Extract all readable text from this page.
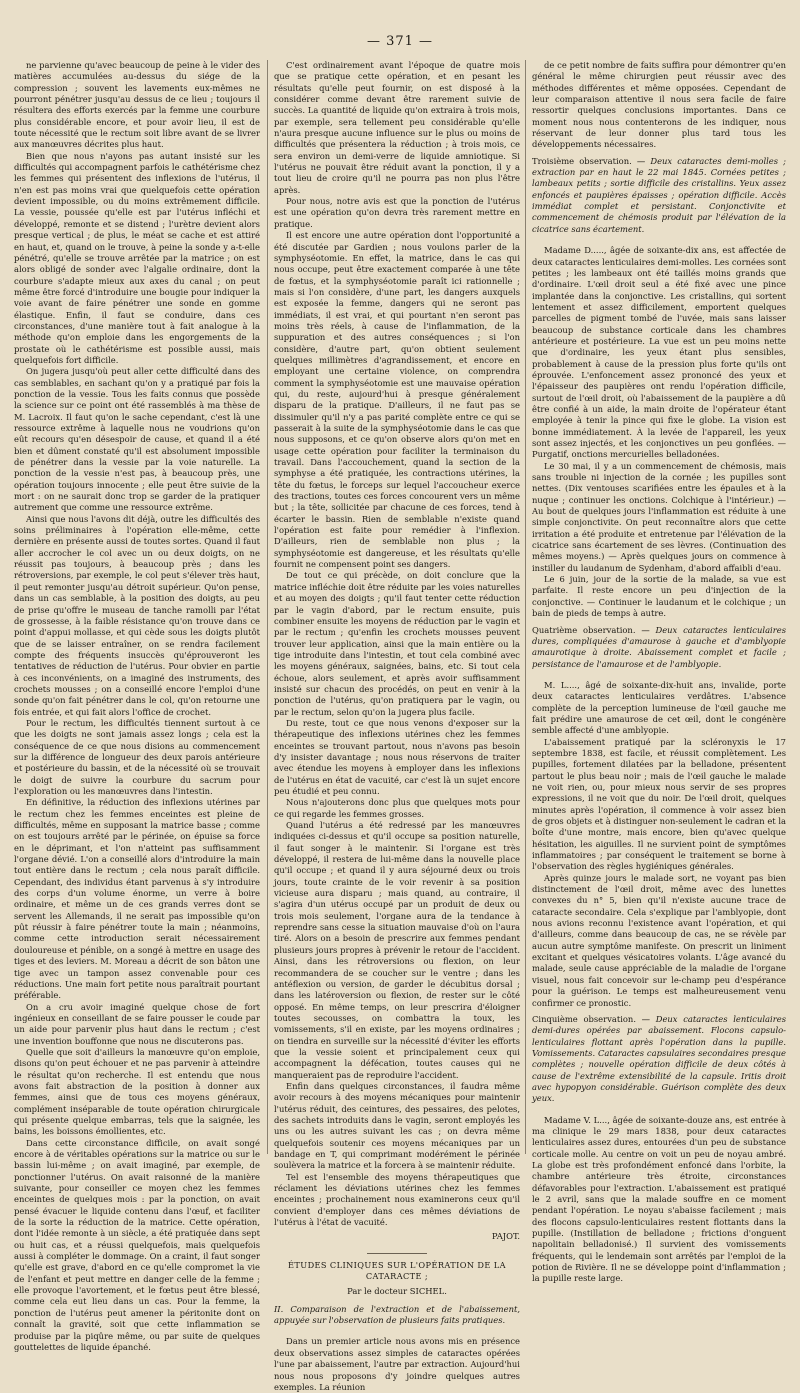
— 371 —

ne parvienne qu'avec beaucoup de peine à le vider des matières accumulées au-dessus du siége de la compression ; souvent les lavements eux-mêmes ne pourront pénétrer jusqu'au dessus de ce lieu ; toujours il résultera des efforts exercés par la femme une courbure plus considérable encore, et pour avoir lieu, il est de toute nécessité que le rectum soit libre avant de se livrer aux manœuvres décrites plus haut.

Bien que nous n'ayons pas autant insisté sur les difficultés qui accompagnent parfois le cathétérisme chez les femmes qui présentent des inflexions de l'utérus, il n'en est pas moins vrai que quelquefois cette opération devient impossible, ou du moins extrêmement difficile. La vessie, poussée qu'elle est par l'utérus infléchi et développé, remonte et se distend ; l'urètre devient alors presque vertical ; de plus, le méat se cache et est attiré en haut, et, quand on le trouve, à peine la sonde y a-t-elle pénétré, qu'elle se trouve arrêtée par la matrice ; on est alors obligé de sonder avec l'algalie ordinaire, dont la courbure s'adapte mieux aux axes du canal ; on peut même être forcé d'introduire une bougie pour indiquer la voie avant de faire pénétrer une sonde en gomme élastique. Enfin, il faut se conduire, dans ces circonstances, d'une manière tout à fait analogue à la méthode qu'on emploie dans les engorgements de la prostate où le cathétérisme est possible aussi, mais quelquefois fort difficile.

On jugera jusqu'où peut aller cette difficulté dans des cas semblables, en sachant qu'on y a pratiqué par fois la ponction de la vessie. Tous les faits connus que possède la science sur ce point ont été rassemblés à ma thèse de M. Lacroix. Il faut qu'on le sache cependant, c'est là une ressource extrême à laquelle nous ne voudrions qu'on eût recours qu'en désespoir de cause, et quand il a été bien et dûment constaté qu'il est absolument impossible de pénétrer dans la vessie par la voie naturelle. La ponction de la vessie n'est pas, à beaucoup près, une opération toujours innocente ; elle peut être suivie de la mort : on ne saurait donc trop se garder de la pratiquer autrement que comme une ressource extrême.

Ainsi que nous l'avons dit déjà, outre les difficultés des soins préliminaires à l'opération elle-même, cette dernière en présente aussi de toutes sortes. Quand il faut aller accrocher le col avec un ou deux doigts, on ne réussit pas toujours, à beaucoup près ; dans les rétroversions, par exemple, le col peut s'élever très haut, il peut remonter jusqu'au détroit supérieur. Qu'on pense, dans un cas semblable, à la position des doigts, au peu de prise qu'offre le museau de tanche ramolli par l'état de grossesse, à la faible résistance qu'on trouve dans ce point d'appui mollasse, et qui cède sous les doigts plutôt que de se laisser entraîner, on se rendra facilement compte des fréquents insuccès qu'éprouveront les tentatives de réduction de l'utérus. Pour obvier en partie à ces inconvénients, on a imaginé des instruments, des crochets mousses ; on a conseillé encore l'emploi d'une sonde qu'on fait pénétrer dans le col, qu'on retourne une fois entrée, et qui fait alors l'office de crochet.

Pour le rectum, les difficultés tiennent surtout à ce que les doigts ne sont jamais assez longs ; cela est la conséquence de ce que nous disions au commencement sur la différence de longueur des deux parois antérieure et postérieure du bassin, et de la nécessité où se trouvait le doigt de suivre la courbure du sacrum pour l'exploration ou les manœuvres dans l'intestin.

En définitive, la réduction des inflexions utérines par le rectum chez les femmes enceintes est pleine de difficultés, même en supposant la matrice basse ; comme on est toujours arrêté par le périnée, on épuise sa force en le déprimant, et l'on n'atteint pas suffisamment l'organe dévié. L'on a conseillé alors d'introduire la main tout entière dans le rectum ; cela nous paraît difficile. Cependant, des individus étant parvenus à s'y introduire des corps d'un volume énorme, un verre à boire ordinaire, et même un de ces grands verres dont se servent les Allemands, il ne serait pas impossible qu'on pût réussir à faire pénétrer toute la main ; néanmoins, comme cette introduction serait nécessairement douloureuse et pénible, on a songé à mettre en usage des tiges et des leviers. M. Moreau a décrit de son bâton une tige avec un tampon assez convenable pour ces réductions. Une main fort petite nous paraîtrait pourtant préférable.

On a cru avoir imaginé quelque chose de fort ingénieux en conseillant de se faire pousser le coude par un aide pour parvenir plus haut dans le rectum ; c'est une invention bouffonne que nous ne discuterons pas.

Quelle que soit d'ailleurs la manœuvre qu'on emploie, disons qu'on peut échouer et ne pas parvenir à atteindre le résultat qu'on recherche. Il est entendu que nous avons fait abstraction de la position à donner aux femmes, ainsi que de tous ces moyens généraux, complément inséparable de toute opération chirurgicale qui présente quelque embarras, tels que la saignée, les bains, les boissons émollientes, etc.

Dans cette circonstance difficile, on avait songé encore à de véritables opérations sur la matrice ou sur le bassin lui-même ; on avait imaginé, par exemple, de ponctionner l'utérus. On avait raisonné de la manière suivante, pour conseiller ce moyen chez les femmes enceintes de quelques mois : par la ponction, on avait pensé évacuer le liquide contenu dans l'œuf, et faciliter de la sorte la réduction de la matrice. Cette opération, dont l'idée remonte à un siècle, a été pratiquée dans sept ou huit cas, et a réussi quelquefois, mais quelquefois aussi à compléter le dommage. On a craint, il faut songer qu'elle est grave, d'abord en ce qu'elle compromet la vie de l'enfant et peut mettre en danger celle de la femme ; elle provoque l'avortement, et le fœtus peut être blessé, comme cela eut lieu dans un cas. Pour la femme, la ponction de l'utérus peut amener la péritonite dont on connaît la gravité, soit que cette inflammation se produise par la piqûre même, ou par suite de quelques gouttelettes de liquide épanché.

C'est ordinairement avant l'époque de quatre mois que se pratique cette opération, et en pesant les résultats qu'elle peut fournir, on est disposé à la considérer comme devant être rarement suivie de succès. La quantité de liquide qu'on extraira à trois mois, par exemple, sera tellement peu considérable qu'elle n'aura presque aucune influence sur le plus ou moins de difficultés que présentera la réduction ; à trois mois, ce sera environ un demi-verre de liquide amniotique. Si l'utérus ne pouvait être réduit avant la ponction, il y a tout lieu de croire qu'il ne pourra pas non plus l'être après.

Pour nous, notre avis est que la ponction de l'utérus est une opération qu'on devra très rarement mettre en pratique.

Il est encore une autre opération dont l'opportunité a été discutée par Gardien ; nous voulons parler de la symphyséotomie. En effet, la matrice, dans le cas qui nous occupe, peut être exactement comparée à une tête de fœtus, et la symphyséotomie paraît ici rationnelle ; mais si l'on considère, d'une part, les dangers auxquels est exposée la femme, dangers qui ne seront pas immédiats, il est vrai, et qui pourtant n'en seront pas moins très réels, à cause de l'inflammation, de la suppuration et des autres conséquences ; si l'on considère, d'autre part, qu'on obtient seulement quelques millimètres d'agrandissement, et encore en employant une certaine violence, on comprendra comment la symphyséotomie est une mauvaise opération qui, du reste, aujourd'hui à presque généralement disparu de la pratique. D'ailleurs, il ne faut pas se dissimuler qu'il n'y a pas parité complète entre ce qui se passerait à la suite de la symphyséotomie dans le cas que nous supposons, et ce qu'on observe alors qu'on met en usage cette opération pour faciliter la terminaison du travail. Dans l'accouchement, quand la section de la symphyse a été pratiquée, les contractions utérines, la tête du fœtus, le forceps sur lequel l'accoucheur exerce des tractions, toutes ces forces concourent vers un même but ; la tête, sollicitée par chacune de ces forces, tend à écarter le bassin. Rien de semblable n'existe quand l'opération est faite pour remédier à l'inflexion. D'ailleurs, rien de semblable non plus ; la symphyséotomie est dangereuse, et les résultats qu'elle fournit ne compensent point ses dangers.

De tout ce qui précède, on doit conclure que la matrice infléchie doit être réduite par les voies naturelles et au moyen des doigts ; qu'il faut tenter cette réduction par le vagin d'abord, par le rectum ensuite, puis combiner ensuite les moyens de réduction par le vagin et par le rectum ; qu'enfin les crochets mousses peuvent trouver leur application, ainsi que la main entière ou la tige introduite dans l'intestin, et tout cela combiné avec les moyens généraux, saignées, bains, etc. Si tout cela échoue, alors seulement, et après avoir suffisamment insisté sur chacun des procédés, on peut en venir à la ponction de l'utérus, qu'on pratiquera par le vagin, ou par le rectum, selon qu'on la jugera plus facile.

Du reste, tout ce que nous venons d'exposer sur la thérapeutique des inflexions utérines chez les femmes enceintes se trouvant partout, nous n'avons pas besoin d'y insister davantage ; nous nous réservons de traiter avec étendue les moyens à employer dans les inflexions de l'utérus en état de vacuité, car c'est là un sujet encore peu étudié et peu connu.

Nous n'ajouterons donc plus que quelques mots pour ce qui regarde les femmes grosses.

Quand l'utérus a été redressé par les manœuvres indiquées ci-dessus et qu'il occupe sa position naturelle, il faut songer à le maintenir. Si l'organe est très développé, il restera de lui-même dans la nouvelle place qu'il occupe ; et quand il y aura séjourné deux ou trois jours, toute crainte de le voir revenir à sa position vicieuse aura disparu ; mais quand, au contraire, il s'agira d'un utérus occupé par un produit de deux ou trois mois seulement, l'organe aura de la tendance à reprendre sans cesse la situation mauvaise d'où on l'aura tiré. Alors on a besoin de prescrire aux femmes pendant plusieurs jours propres à prévenir le retour de l'accident. Ainsi, dans les rétroversions ou flexion, on leur recommandera de se coucher sur le ventre ; dans les antéflexion ou version, de garder le décubitus dorsal ; dans les latéroversion ou flexion, de rester sur le côté opposé. En même temps, on leur prescrira d'éloigner toutes secousses, on combattra la toux, les vomissements, s'il en existe, par les moyens ordinaires ; on tiendra en surveille sur la nécessité d'éviter les efforts que la vessie soient et principalement ceux qui accompagnent la défécation, toutes causes qui ne manqueraient pas de reproduire l'accident.

Enfin dans quelques circonstances, il faudra même avoir recours à des moyens mécaniques pour maintenir l'utérus réduit, des ceintures, des pessaires, des pelotes, des sachets introduits dans le vagin, seront employés les uns ou les autres suivant les cas ; on devra même quelquefois soutenir ces moyens mécaniques par un bandage en T, qui comprimant modérément le périnée soulèvera la matrice et la forcera à se maintenir réduite.

Tel est l'ensemble des moyens thérapeutiques que réclament les déviations utérines chez les femmes enceintes ; prochainement nous examinerons ceux qu'il convient d'employer dans ces mêmes déviations de l'utérus à l'état de vacuité.

PAJOT.

ÉTUDES CLINIQUES SUR L'OPÉRATION DE LA CATARACTE ;

Par le docteur SICHEL.

II. Comparaison de l'extraction et de l'abaissement, appuyée sur l'observation de plusieurs faits pratiques.

Dans un premier article nous avons mis en présence deux observations assez simples de cataractes opérées l'une par abaissement, l'autre par extraction. Aujourd'hui nous nous proposons d'y joindre quelques autres exemples. La réunion

de ce petit nombre de faits suffira pour démontrer qu'en général le même chirurgien peut réussir avec des méthodes différentes et même opposées. Cependant de leur comparaison attentive il nous sera facile de faire ressortir quelques conclusions importantes. Dans ce moment nous nous contenterons de les indiquer, nous réservant de leur donner plus tard tous les développements nécessaires.

Troisième observation. — Deux cataractes demi-molles ; extraction par en haut le 22 mai 1845. Cornées petites ; lambeaux petits ; sortie difficile des cristallins. Yeux assez enfoncés et paupières épaisses ; opération difficile. Accès immédiat complet et persistant. Conjonctivite et commencement de chémosis produit par l'élévation de la cicatrice sans écartement.

Madame D....., âgée de soixante-dix ans, est affectée de deux cataractes lenticulaires demi-molles. Les cornées sont petites ; les lambeaux ont été taillés moins grands que d'ordinaire. L'œil droit seul a été fixé avec une pince implantée dans la conjonctive. Les cristallins, qui sortent lentement et assez difficilement, emportent quelques parcelles de pigment tombé de l'uvée, mais sans laisser beaucoup de substance corticale dans les chambres antérieure et postérieure. La vue est un peu moins nette que d'ordinaire, les yeux étant plus sensibles, probablement à cause de la pression plus forte qu'ils ont éprouvée. L'enfoncement assez prononcé des yeux et l'épaisseur des paupières ont rendu l'opération difficile, surtout de l'œil droit, où l'abaissement de la paupière a dû être confié à un aide, la main droite de l'opérateur étant employée à tenir la pince qui fixe le globe. La vision est bonne immédiatement. À la levée de l'appareil, les yeux sont assez injectés, et les conjonctives un peu gonflées. — Purgatif, onctions mercurielles belladonées.

Le 30 mai, il y a un commencement de chémosis, mais sans trouble ni injection de la cornée ; les pupilles sont nettes. (Dix ventouses scarifiées entre les épaules et à la nuque ; continuer les onctions. Colchique à l'intérieur.) — Au bout de quelques jours l'inflammation est réduite à une simple conjonctivite. On peut reconnaître alors que cette irritation a été produite et entretenue par l'élévation de la cicatrice sans écartement de ses lèvres. (Continuation des mêmes moyens.) — Après quelques jours on commence à instiller du laudanum de Sydenham, d'abord affaibli d'eau.

Le 6 juin, jour de la sortie de la malade, sa vue est parfaite. Il reste encore un peu d'injection de la conjonctive. — Continuer le laudanum et le colchique ; un bain de pieds de temps à autre.

Quatrième observation. — Deux cataractes lenticulaires dures, compliquées d'amaurose à gauche et d'amblyopie amaurotique à droite. Abaissement complet et facile ; persistance de l'amaurose et de l'amblyopie.

M. L...., âgé de soixante-dix-huit ans, invalide, porte deux cataractes lenticulaires verdâtres. L'absence complète de la perception lumineuse de l'œil gauche me fait prédire une amaurose de cet œil, dont le congénère semble affecté d'une amblyopie.

L'abaissement pratiqué par la scléronyxis le 17 septembre 1838, est facile, et réussit complètement. Les pupilles, fortement dilatées par la belladone, présentent partout le plus beau noir ; mais de l'œil gauche le malade ne voit rien, ou, pour mieux nous servir de ses propres expressions, il ne voit que du noir. De l'œil droit, quelques minutes après l'opération, il commence à voir assez bien de gros objets et à distinguer non-seulement le cadran et la boîte d'une montre, mais encore, bien qu'avec quelque hésitation, les aiguilles. Il ne survient point de symptômes inflammatoires ; par conséquent le traitement se borne à l'observation des règles hygiéniques générales.

Après quinze jours le malade sort, ne voyant pas bien distinctement de l'œil droit, même avec des lunettes convexes du n° 5, bien qu'il n'existe aucune trace de cataracte secondaire. Cela s'explique par l'amblyopie, dont nous avions reconnu l'existence avant l'opération, et qui d'ailleurs, comme dans beaucoup de cas, ne se révèle par aucun autre symptôme manifeste. On prescrit un liniment excitant et quelques vésicatoires volants. L'âge avancé du malade, seule cause appréciable de la maladie de l'organe visuel, nous fait concevoir sur le-champ peu d'espérance pour la guérison. Le temps est malheureusement venu confirmer ce pronostic.

Cinquième observation. — Deux cataractes lenticulaires demi-dures opérées par abaissement. Flocons capsulo-lenticulaires flottant après l'opération dans la pupille. Vomissements. Cataractes capsulaires secondaires presque complètes ; nouvelle opération difficile de deux côtés à cause de l'extrême extensibilité de la capsule. Iritis droit avec hypopyon considérable. Guérison complète des deux yeux.

Madame V. L..., âgée de soixante-douze ans, est entrée à ma clinique le 29 mars 1838, pour deux cataractes lenticulaires assez dures, entourées d'un peu de substance corticale molle. Au centre on voit un peu de noyau ambré. La globe est très profondément enfoncé dans l'orbite, la chambre antérieure très étroite, circonstances défavorables pour l'extraction. L'abaissement est pratiqué le 2 avril, sans que la malade souffre en ce moment pendant l'opération. Le noyau s'abaisse facilement ; mais des flocons capsulo-lenticulaires restent flottants dans la pupille. (Instillation de belladone ; frictions d'onguent napolitain belladonisé.) Il survient des vomissements fréquents, qui le lendemain sont arrêtés par l'emploi de la potion de Rivière. Il ne se développe point d'inflammation ; la pupille reste large.
